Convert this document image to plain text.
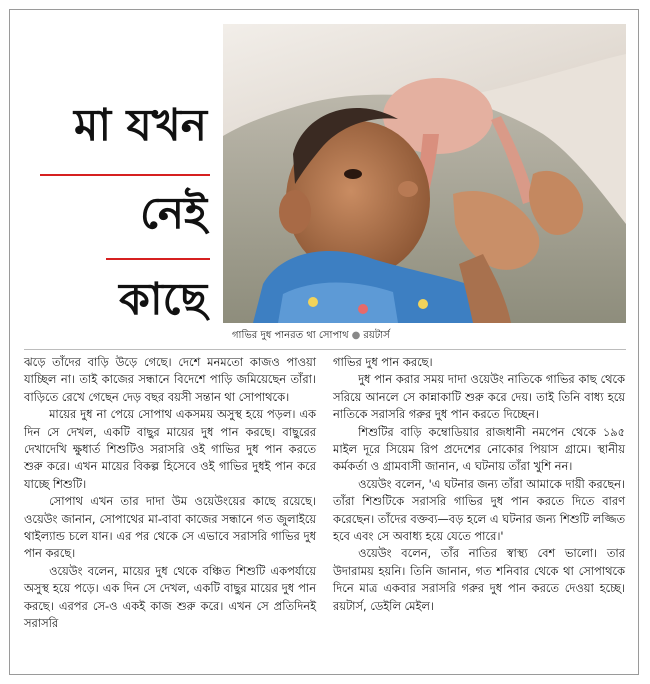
মা যখন
নেই
কাছে
গাভির দুধ পানরত থা সোপাথ ● রয়টার্স

ঝড়ে তাঁদের বাড়ি উড়ে গেছে। দেশে মনমতো কাজও পাওয়া যাচ্ছিল না। তাই কাজের সন্ধানে বিদেশে পাড়ি জমিয়েছেন তাঁরা। বাড়িতে রেখে গেছেন দেড় বছর বয়সী সন্তান থা সোপাথকে।

মায়ের দুধ না পেয়ে সোপাথ একসময় অসুস্থ হয়ে পড়ল। এক দিন সে দেখল, একটি বাছুর মায়ের দুধ পান করছে। বাছুরের দেখাদেখি ক্ষুধার্ত শিশুটিও সরাসরি ওই গাভির দুধ পান করতে শুরু করে। এখন মায়ের বিকল্প হিসেবে ওই গাভির দুধই পান করে যাচ্ছে শিশুটি।

সোপাথ এখন তার দাদা উম ওয়েউংয়ের কাছে রয়েছে। ওয়েউং জানান, সোপাথের মা-বাবা কাজের সন্ধানে গত জুলাইয়ে থাইল্যান্ড চলে যান। এর পর থেকে সে এভাবে সরাসরি গাভির দুধ পান করছে।

ওয়েউং বলেন, মায়ের দুধ থেকে বঞ্চিত শিশুটি একপর্যায়ে অসুস্থ হয়ে পড়ে। এক দিন সে দেখল, একটি বাছুর মায়ের দুধ পান করছে। এরপর সে-ও একই কাজ শুরু করে। এখন সে প্রতিদিনই সরাসরি

গাভির দুধ পান করছে।

দুধ পান করার সময় দাদা ওয়েউং নাতিকে গাভির কাছ থেকে সরিয়ে আনলে সে কান্নাকাটি শুরু করে দেয়। তাই তিনি বাধ্য হয়ে নাতিকে সরাসরি গরুর দুধ পান করতে দিচ্ছেন।

শিশুটির বাড়ি কম্বোডিয়ার রাজধানী নমপেন থেকে ১৯৫ মাইল দূরে সিয়েম রিপ প্রদেশের নোকোর পিয়াস গ্রামে। স্থানীয় কর্মকর্তা ও গ্রামবাসী জানান, এ ঘটনায় তাঁরা খুশি নন।

ওয়েউং বলেন, 'এ ঘটনার জন্য তাঁরা আমাকে দায়ী করছেন। তাঁরা শিশুটিকে সরাসরি গাভির দুধ পান করতে দিতে বারণ করেছেন। তাঁদের বক্তব্য—বড় হলে এ ঘটনার জন্য শিশুটি লজ্জিত হবে এবং সে অবাধ্য হয়ে যেতে পারে।'

ওয়েউং বলেন, তাঁর নাতির স্বাস্থ্য বেশ ভালো। তার উদারাময় হয়নি। তিনি জানান, গত শনিবার থেকে থা সোপাথকে দিনে মাত্র একবার সরাসরি গরুর দুধ পান করতে দেওয়া হচ্ছে। রয়টার্স, ডেইলি মেইল।
